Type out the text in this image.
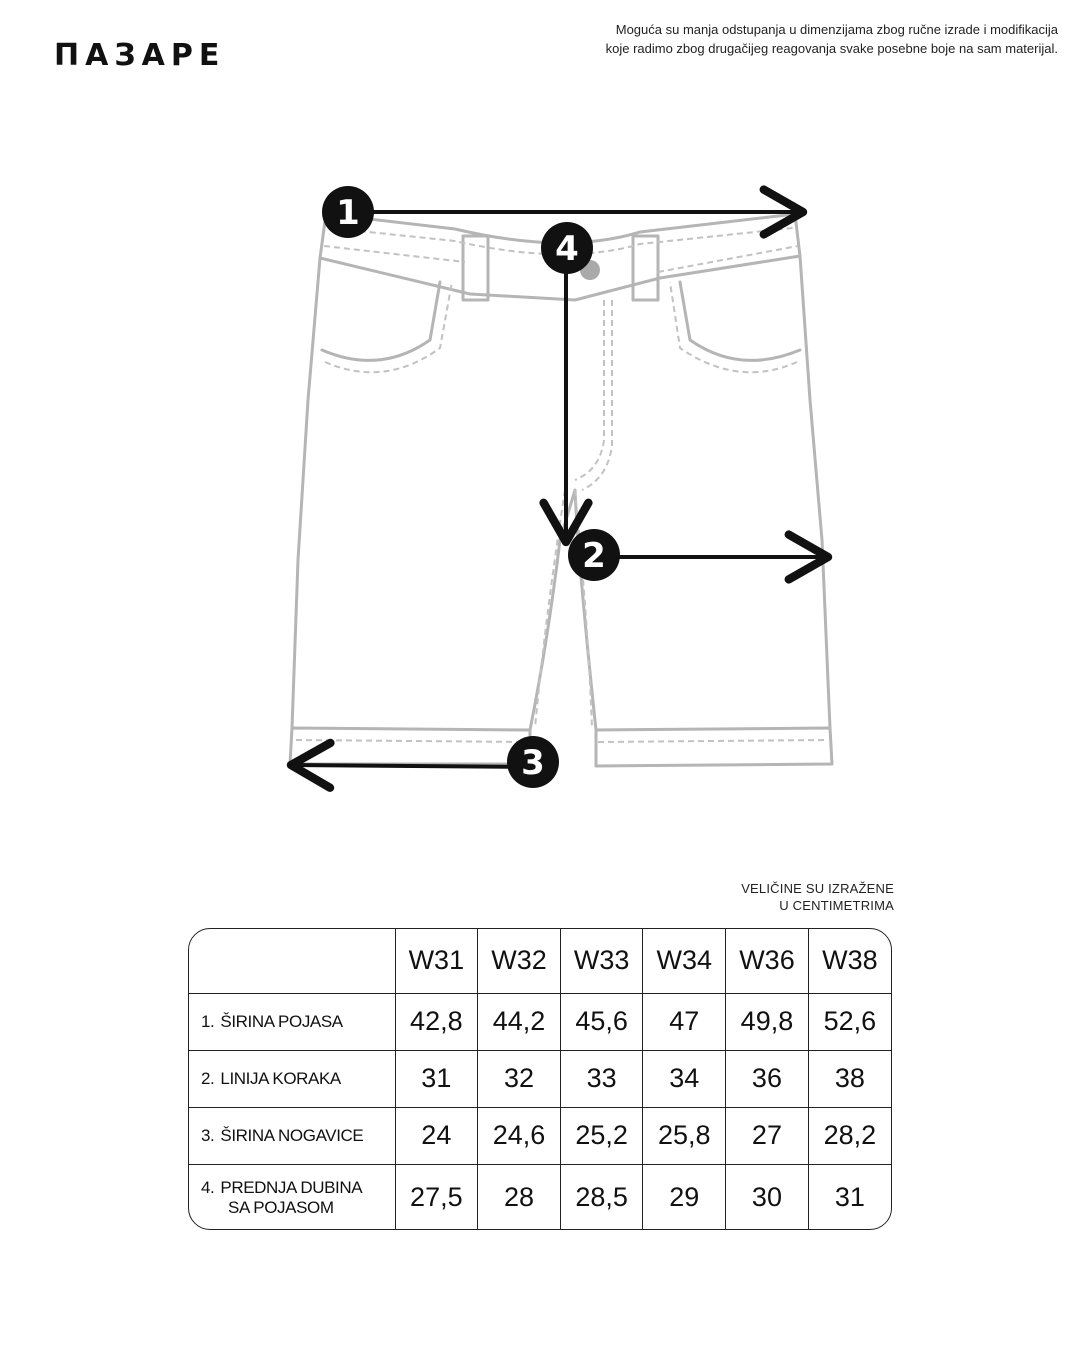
ПАЗАРЕ
Moguća su manja odstupanja u dimenzijama zbog ručne izrade i modifikacija
koje radimo zbog drugačijeg reagovanja svake posebne boje na sam materijal.
1
4
2
3
VELIČINE SU IZRAŽENE
U CENTIMETRIMA
	W31	W32	W33	W34	W36	W38
1. ŠIRINA POJASA	42,8	44,2	45,6	47	49,8	52,6
2. LINIJA KORAKA	31	32	33	34	36	38
3. ŠIRINA NOGAVICE	24	24,6	25,2	25,8	27	28,2
4. PREDNJA DUBINA
SA POJASOM	27,5	28	28,5	29	30	31
